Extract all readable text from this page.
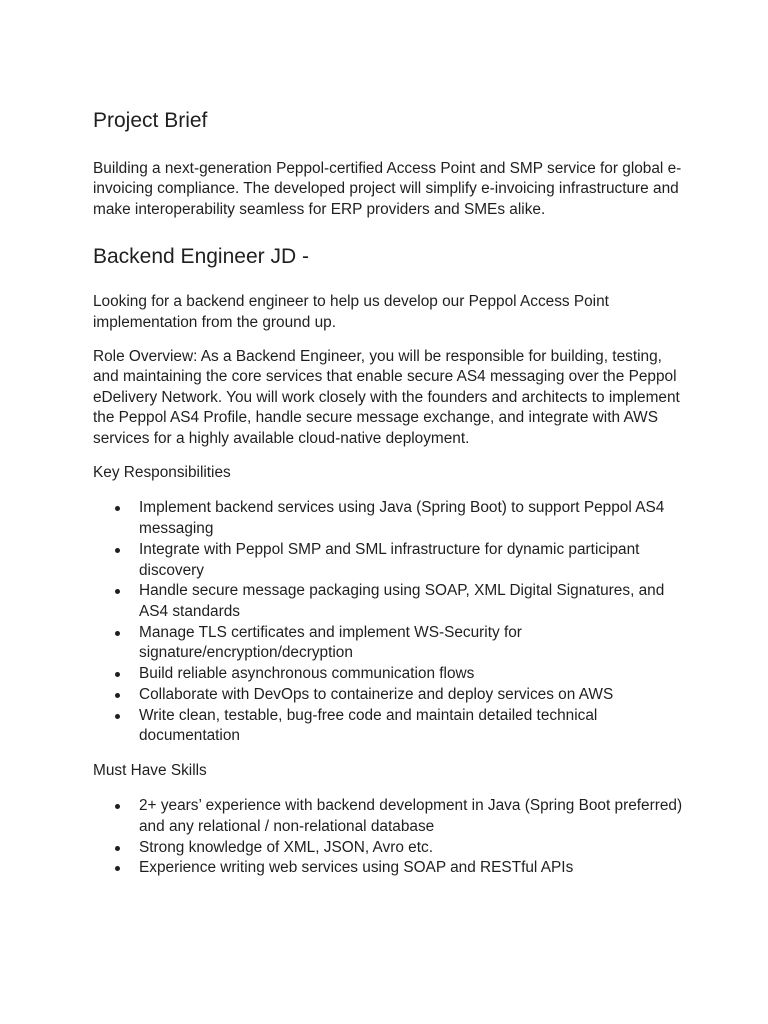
Project Brief

Building a next-generation Peppol-certified Access Point and SMP service for global e-invoicing compliance. The developed project will simplify e-invoicing infrastructure and make interoperability seamless for ERP providers and SMEs alike.

Backend Engineer JD -

Looking for a backend engineer to help us develop our Peppol Access Point implementation from the ground up.

Role Overview: As a Backend Engineer, you will be responsible for building, testing, and maintaining the core services that enable secure AS4 messaging over the Peppol eDelivery Network. You will work closely with the founders and architects to implement the Peppol AS4 Profile, handle secure message exchange, and integrate with AWS services for a highly available cloud-native deployment.

Key Responsibilities
Implement backend services using Java (Spring Boot) to support Peppol AS4 messaging
Integrate with Peppol SMP and SML infrastructure for dynamic participant discovery
Handle secure message packaging using SOAP, XML Digital Signatures, and AS4 standards
Manage TLS certificates and implement WS-Security for signature/encryption/decryption
Build reliable asynchronous communication flows
Collaborate with DevOps to containerize and deploy services on AWS
Write clean, testable, bug-free code and maintain detailed technical documentation
Must Have Skills
2+ years’ experience with backend development in Java (Spring Boot preferred) and any relational / non-relational database
Strong knowledge of XML, JSON, Avro etc.
Experience writing web services using SOAP and RESTful APIs
